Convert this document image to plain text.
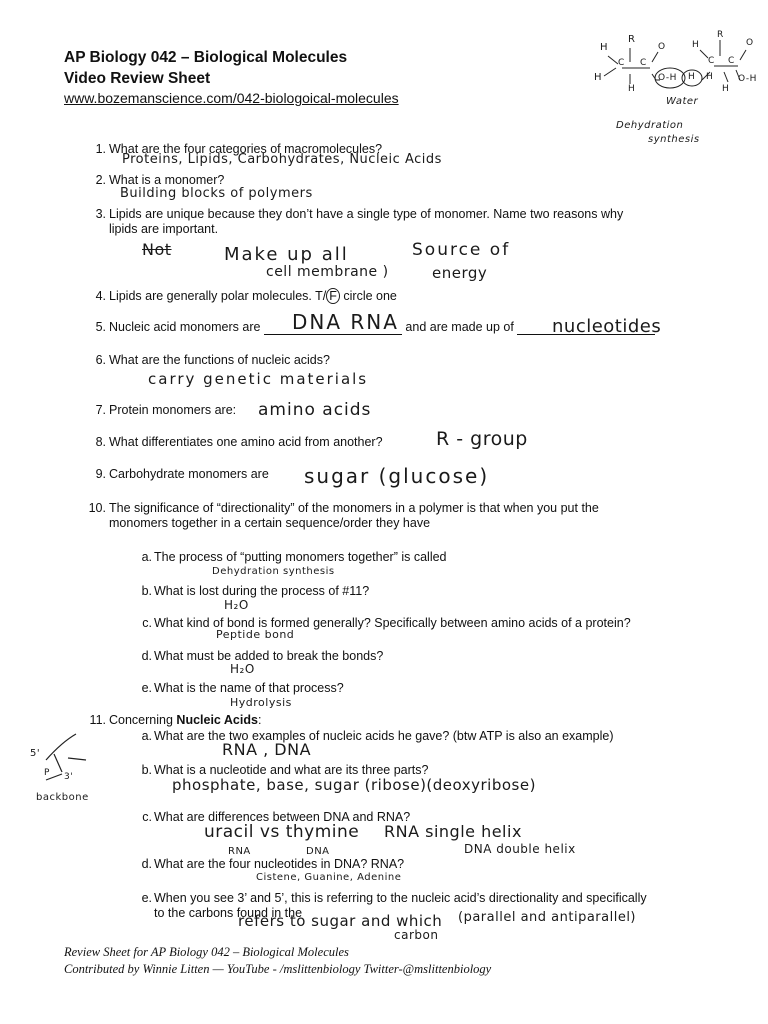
AP Biology 042 – Biological Molecules
Video Review Sheet
www.bozemanscience.com/042-biologoical-molecules
H
R
H
C C
O
H
R
H
C C
O
O-H H H	O-H
H
Water
Dehydration
synthesis
5'
P 3'
backbone
1. What are the four categories of macromolecules?
Proteins, Lipids, Carbohydrates, Nucleic Acids
2. What is a monomer?
Building blocks of polymers
3. Lipids are unique because they don’t have a single type of monomer. Name two reasons why
lipids are important.
Not	Make up all
cell membrane )
Source of
energy
4. Lipids are generally polar molecules. T/ F circle one
5. Nucleic acid monomers are	and are made up of
DNA RNA	nucleotides
6. What are the functions of nucleic acids?
carry genetic materials
7. Protein monomers are: amino acids
8. What differentiates one amino acid from another?	R - group
9. Carbohydrate monomers are sugar (glucose)
10. The significance of “directionality” of the monomers in a polymer is that when you put the
monomers together in a certain sequence/order they have
a. The process of “putting monomers together” is called
Dehydration synthesis
b. What is lost during the process of #11?
H₂O
c. What kind of bond is formed generally? Specifically between amino acids of a protein?
Peptide bond
d. What must be added to break the bonds?
H₂O
e. What is the name of that process?
Hydrolysis
11. Concerning Nucleic Acids:
a. What are the two examples of nucleic acids he gave? (btw ATP is also an example)
RNA , DNA
b. What is a nucleotide and what are its three parts?
phosphate, base, sugar (ribose)(deoxyribose)
c. What are differences between DNA and RNA?
uracil vs thymine
RNA	DNA
RNA single helix
DNA double helix
d. What are the four nucleotides in DNA? RNA?
Cistene, Guanine, Adenine
e. When you see 3’ and 5’, this is referring to the nucleic acid’s directionality and specifically
to the carbons found in the
refers to sugar and which
carbon
(parallel and antiparallel)
Review Sheet for AP Biology 042 – Biological Molecules
Contributed by Winnie Litten — YouTube - /mslittenbiology Twitter-@mslittenbiology
